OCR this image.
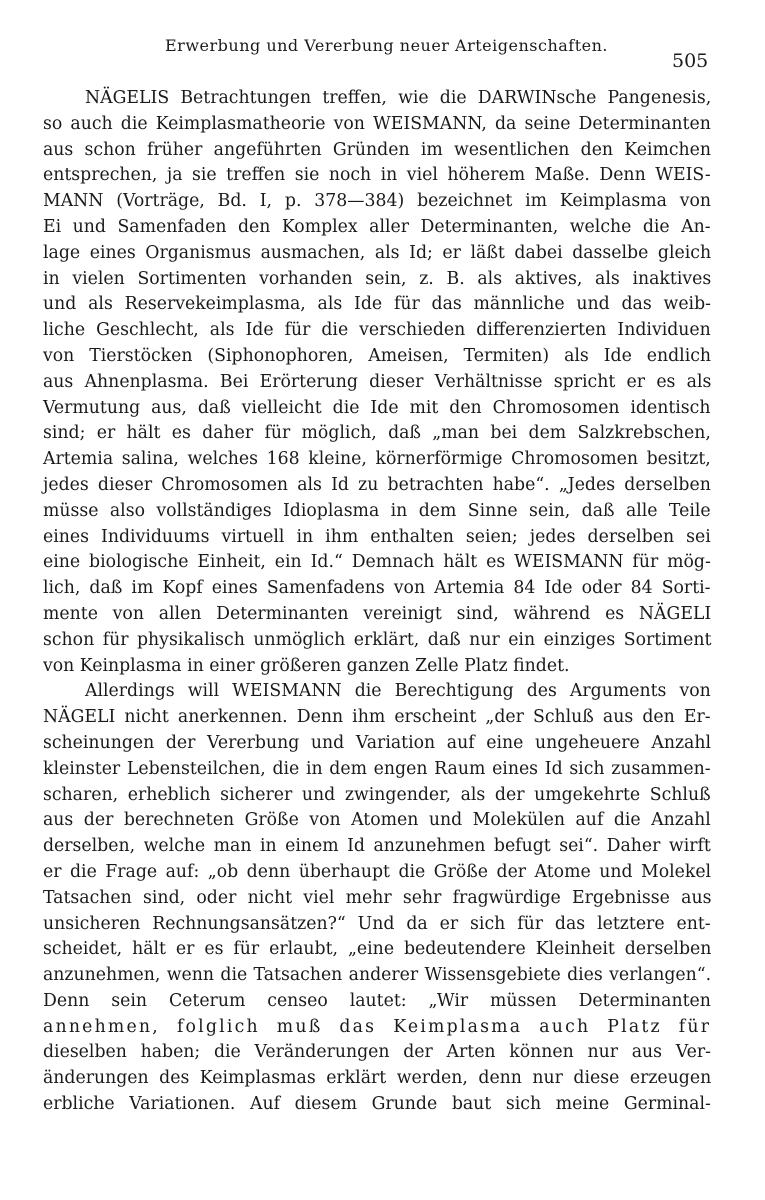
Erwerbung und Vererbung neuer Arteigenschaften.
505
NÄGELIS Betrachtungen treffen, wie die DARWINsche Pangenesis,
so auch die Keimplasmatheorie von WEISMANN, da seine Determinanten
aus schon früher angeführten Gründen im wesentlichen den Keimchen
entsprechen, ja sie treffen sie noch in viel höherem Maße. Denn WEIS-
MANN (Vorträge, Bd. I, p. 378—384) bezeichnet im Keimplasma von
Ei und Samenfaden den Komplex aller Determinanten, welche die An-
lage eines Organismus ausmachen, als Id; er läßt dabei dasselbe gleich
in vielen Sortimenten vorhanden sein, z. B. als aktives, als inaktives
und als Reservekeimplasma, als Ide für das männliche und das weib-
liche Geschlecht, als Ide für die verschieden differenzierten Individuen
von Tierstöcken (Siphonophoren, Ameisen, Termiten) als Ide endlich
aus Ahnenplasma. Bei Erörterung dieser Verhältnisse spricht er es als
Vermutung aus, daß vielleicht die Ide mit den Chromosomen identisch
sind; er hält es daher für möglich, daß „man bei dem Salzkrebschen,
Artemia salina, welches 168 kleine, körnerförmige Chromosomen besitzt,
jedes dieser Chromosomen als Id zu betrachten habe“. „Jedes derselben
müsse also vollständiges Idioplasma in dem Sinne sein, daß alle Teile
eines Individuums virtuell in ihm enthalten seien; jedes derselben sei
eine biologische Einheit, ein Id.“ Demnach hält es WEISMANN für mög-
lich, daß im Kopf eines Samenfadens von Artemia 84 Ide oder 84 Sorti-
mente von allen Determinanten vereinigt sind, während es NÄGELI
schon für physikalisch unmöglich erklärt, daß nur ein einziges Sortiment
von Keinplasma in einer größeren ganzen Zelle Platz findet.
Allerdings will WEISMANN die Berechtigung des Arguments von
NÄGELI nicht anerkennen. Denn ihm erscheint „der Schluß aus den Er-
scheinungen der Vererbung und Variation auf eine ungeheuere Anzahl
kleinster Lebensteilchen, die in dem engen Raum eines Id sich zusammen-
scharen, erheblich sicherer und zwingender, als der umgekehrte Schluß
aus der berechneten Größe von Atomen und Molekülen auf die Anzahl
derselben, welche man in einem Id anzunehmen befugt sei“. Daher wirft
er die Frage auf: „ob denn überhaupt die Größe der Atome und Molekel
Tatsachen sind, oder nicht viel mehr sehr fragwürdige Ergebnisse aus
unsicheren Rechnungsansätzen?“ Und da er sich für das letztere ent-
scheidet, hält er es für erlaubt, „eine bedeutendere Kleinheit derselben
anzunehmen, wenn die Tatsachen anderer Wissensgebiete dies verlangen“.
Denn sein Ceterum censeo lautet: „Wir müssen Determinanten
annehmen, folglich muß das Keimplasma auch Platz für
dieselben haben; die Veränderungen der Arten können nur aus Ver-
änderungen des Keimplasmas erklärt werden, denn nur diese erzeugen
erbliche Variationen. Auf diesem Grunde baut sich meine Germinal-
